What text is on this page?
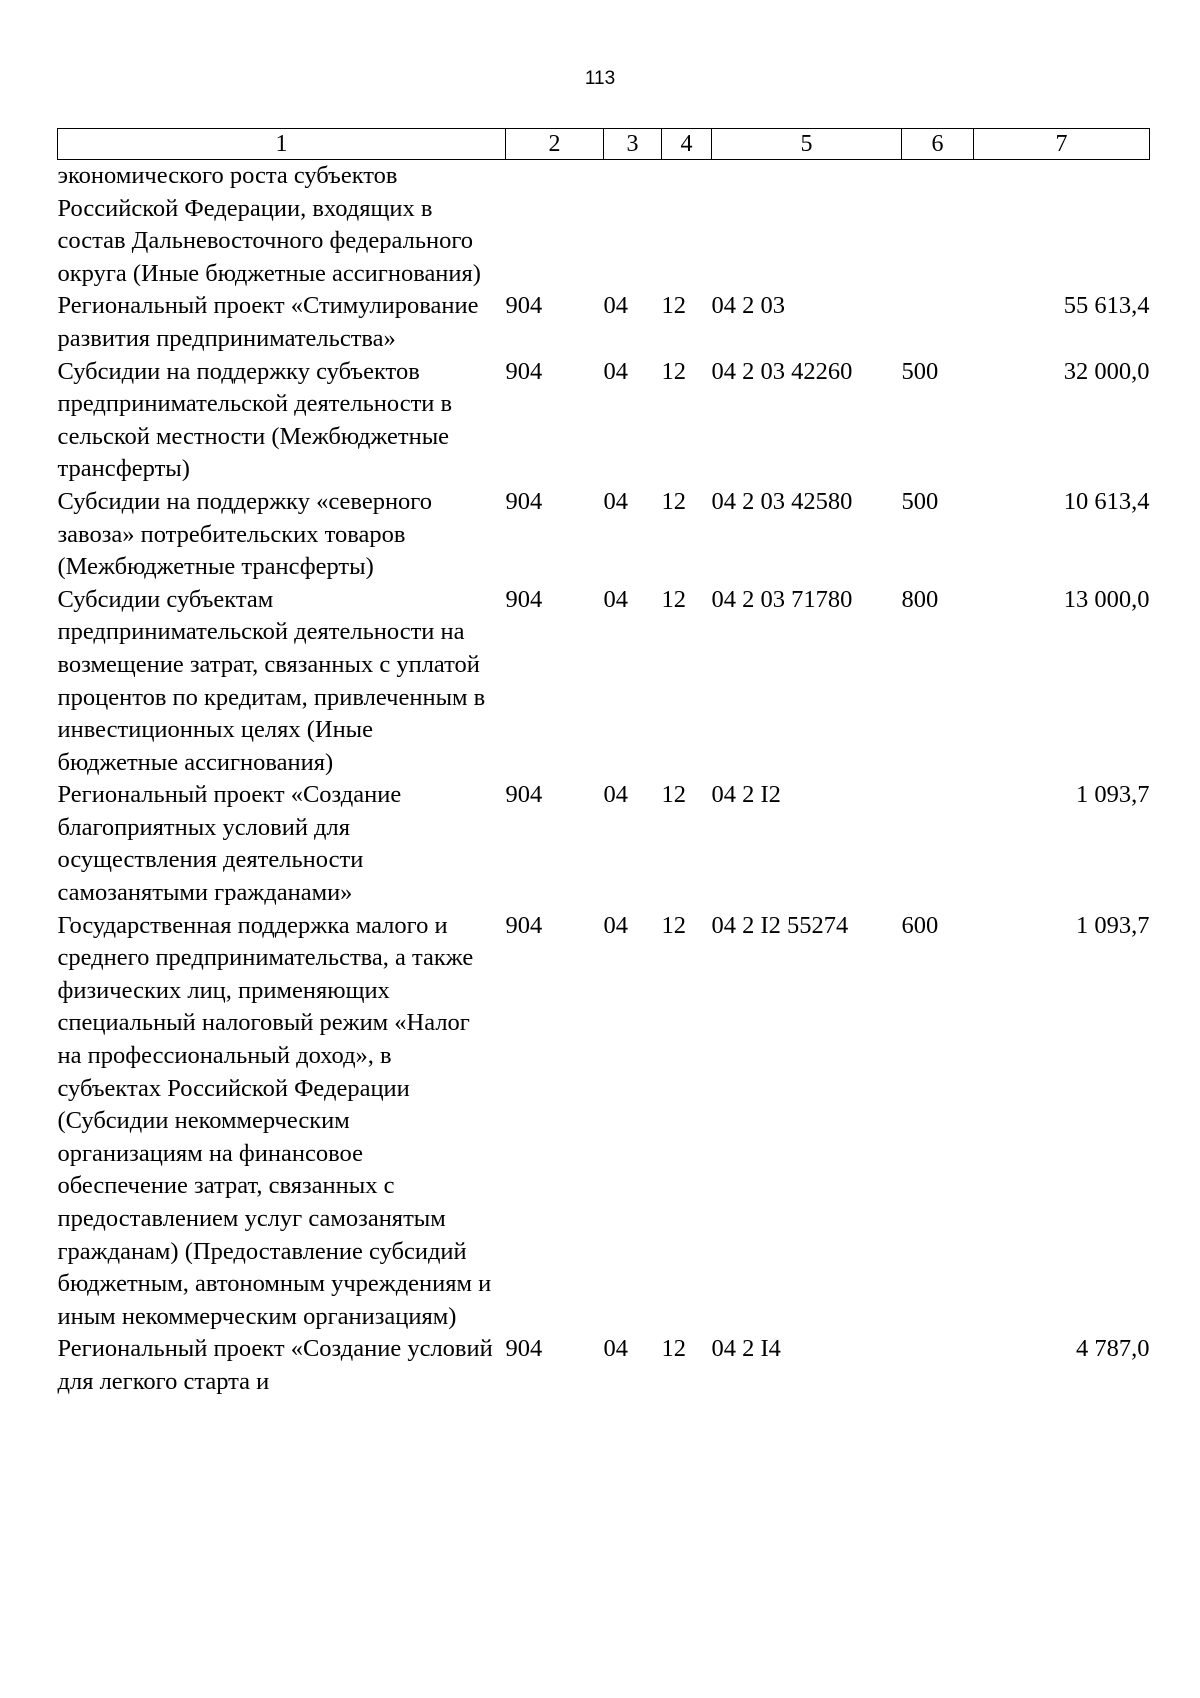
113
1	2	3	4	5	6	7
экономического роста субъектов Российской Федерации, входящих в состав Дальневосточного федерального округа (Иные бюджетные ассигнования)						
Региональный проект «Стимулирование развития предпринимательства»	904	04	12	04 2 03		55 613,4
Субсидии на поддержку субъектов предпринимательской деятельности в сельской местности (Межбюджетные трансферты)	904	04	12	04 2 03 42260	500	32 000,0
Субсидии на поддержку «северного завоза» потребительских товаров (Межбюджетные трансферты)	904	04	12	04 2 03 42580	500	10 613,4
Субсидии субъектам предпринимательской деятельности на возмещение затрат, связанных с уплатой процентов по кредитам, привлеченным в инвестиционных целях (Иные бюджетные ассигнования)	904	04	12	04 2 03 71780	800	13 000,0
Региональный проект «Создание благоприятных условий для осуществления деятельности самозанятыми гражданами»	904	04	12	04 2 I2		1 093,7
Государственная поддержка малого и среднего предпринимательства, а также физических лиц, применяющих специальный налоговый режим «Налог на профессиональный доход», в субъектах Российской Федерации (Субсидии некоммерческим организациям на финансовое обеспечение затрат, связанных с предоставлением услуг самозанятым гражданам) (Предоставление субсидий бюджетным, автономным учреждениям и иным некоммерческим организациям)	904	04	12	04 2 I2 55274	600	1 093,7
Региональный проект «Создание условий для легкого старта и	904	04	12	04 2 I4		4 787,0
